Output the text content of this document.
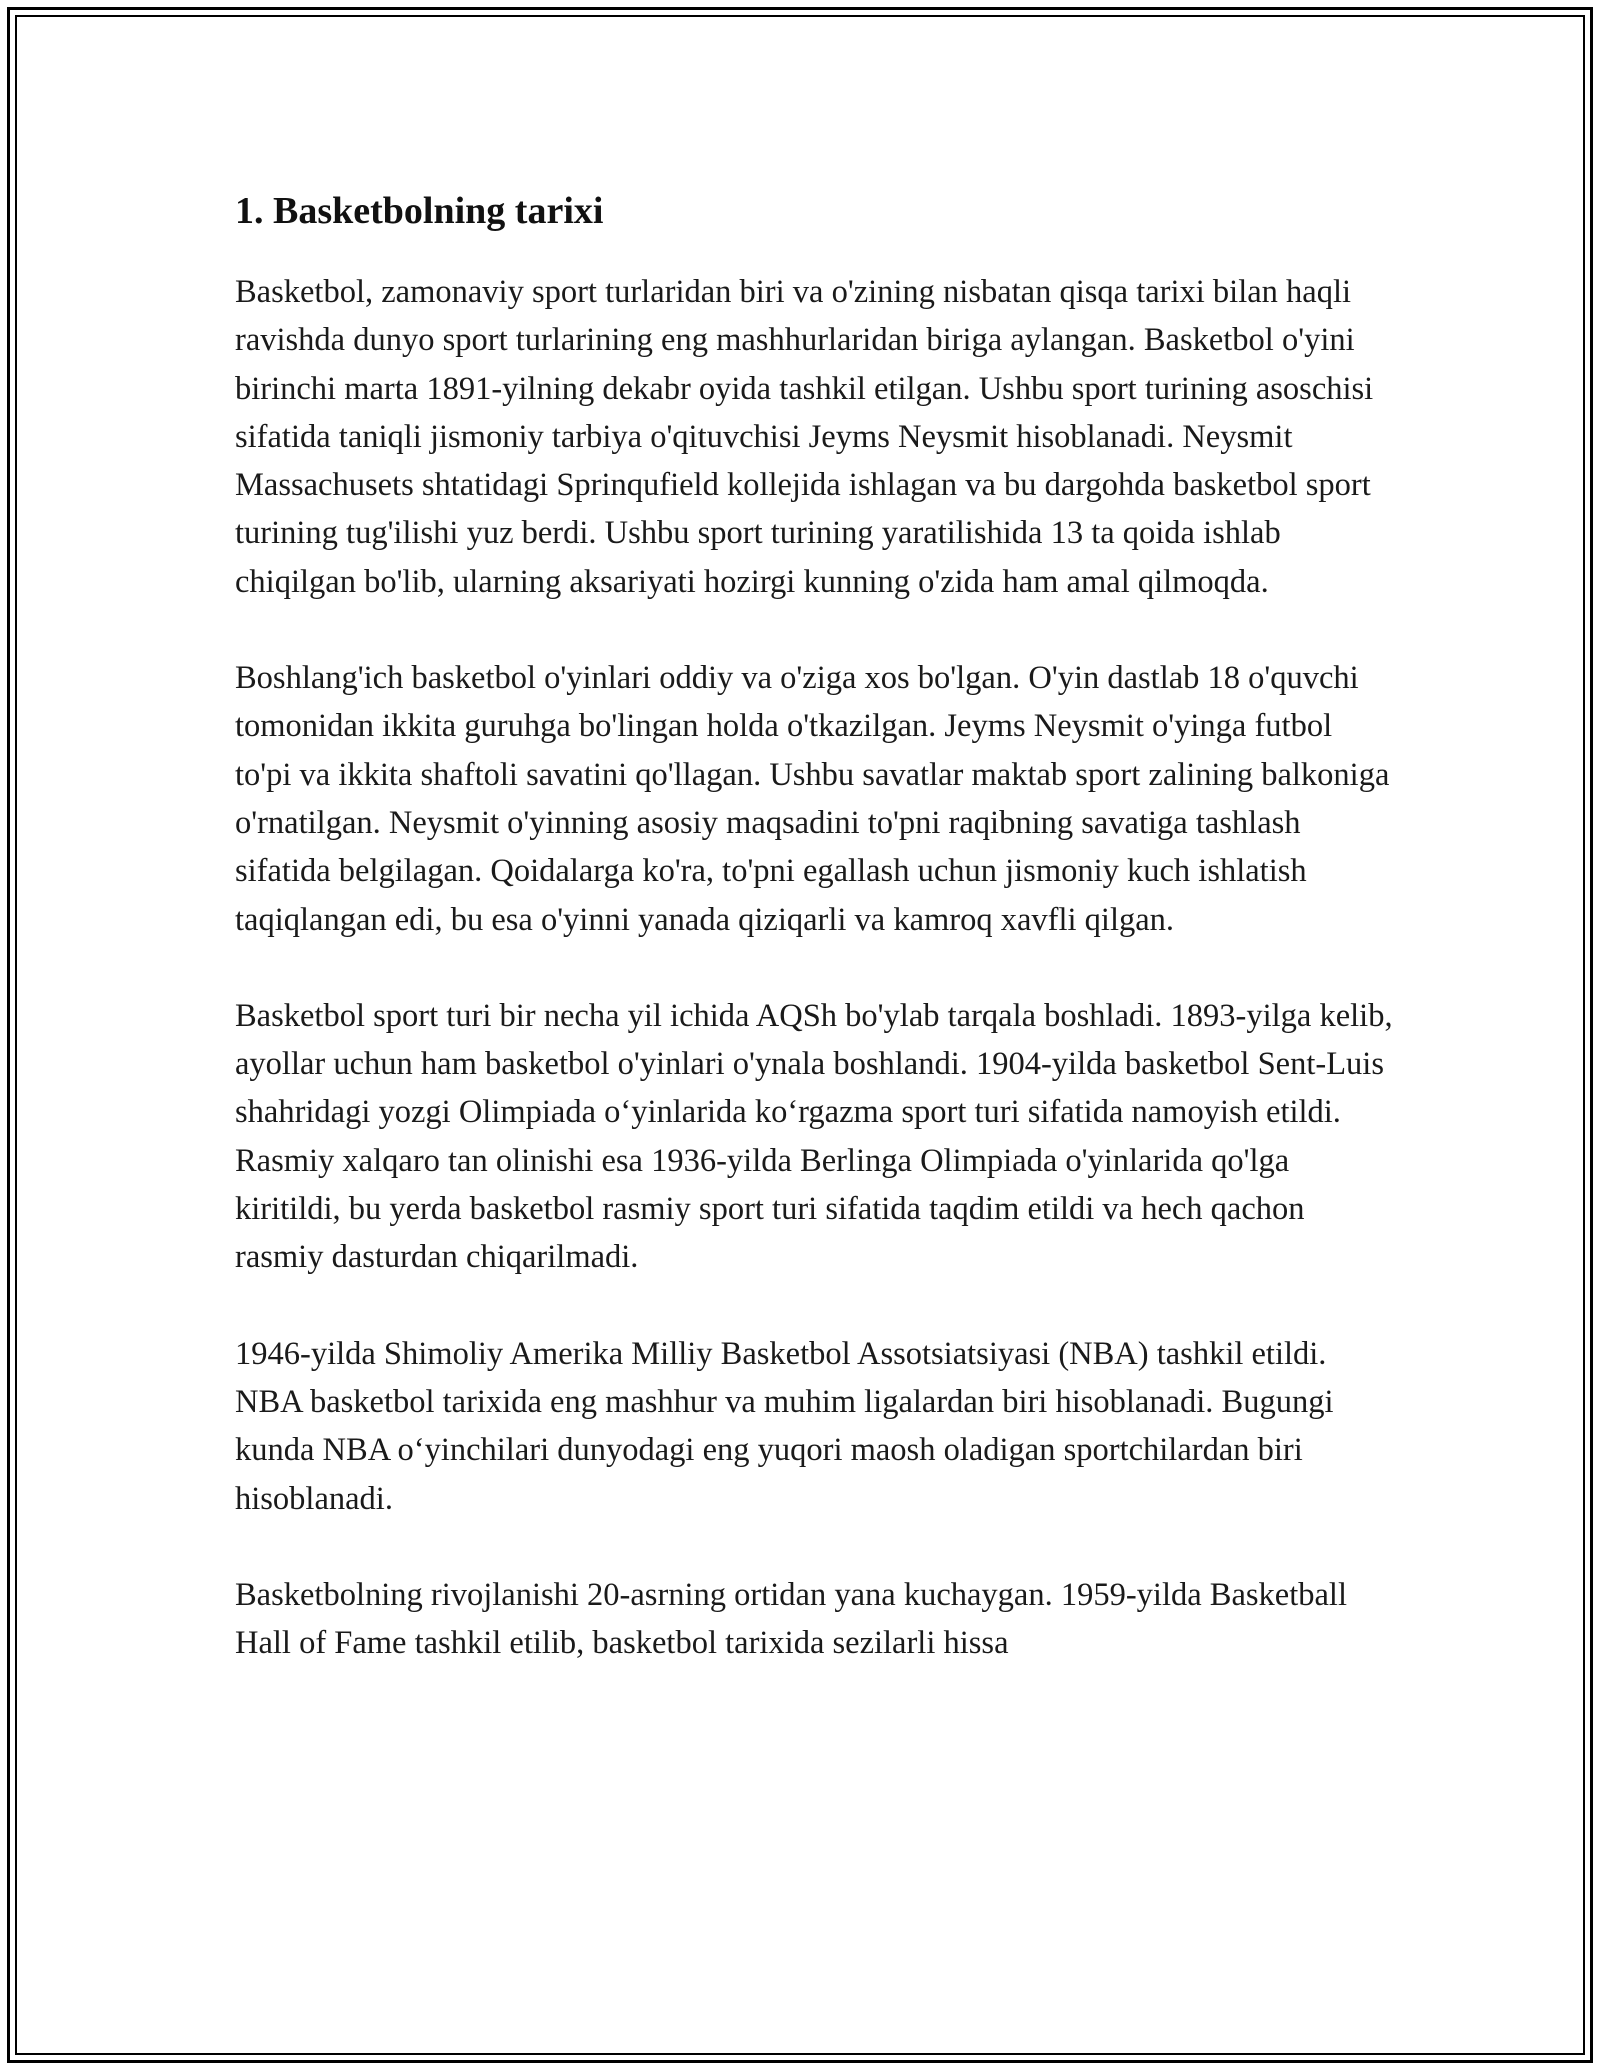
1. Basketbolning tarixi

Basketbol, zamonaviy sport turlaridan biri va o'zining nisbatan qisqa tarixi bilan haqli ravishda dunyo sport turlarining eng mashhurlaridan biriga aylangan. Basketbol o'yini birinchi marta 1891-yilning dekabr oyida tashkil etilgan. Ushbu sport turining asoschisi sifatida taniqli jismoniy tarbiya o'qituvchisi Jeyms Neysmit hisoblanadi. Neysmit Massachusets shtatidagi Sprinqufield kollejida ishlagan va bu dargohda basketbol sport turining tug'ilishi yuz berdi. Ushbu sport turining yaratilishida 13 ta qoida ishlab chiqilgan bo'lib, ularning aksariyati hozirgi kunning o'zida ham amal qilmoqda.

Boshlang'ich basketbol o'yinlari oddiy va o'ziga xos bo'lgan. O'yin dastlab 18 o'quvchi tomonidan ikkita guruhga bo'lingan holda o'tkazilgan. Jeyms Neysmit o'yinga futbol to'pi va ikkita shaftoli savatini qo'llagan. Ushbu savatlar maktab sport zalining balkoniga o'rnatilgan. Neysmit o'yinning asosiy maqsadini to'pni raqibning savatiga tashlash sifatida belgilagan. Qoidalarga ko'ra, to'pni egallash uchun jismoniy kuch ishlatish taqiqlangan edi, bu esa o'yinni yanada qiziqarli va kamroq xavfli qilgan.

Basketbol sport turi bir necha yil ichida AQSh bo'ylab tarqala boshladi. 1893-yilga kelib, ayollar uchun ham basketbol o'yinlari o'ynala boshlandi. 1904-yilda basketbol Sent-Luis shahridagi yozgi Olimpiada o‘yinlarida ko‘rgazma sport turi sifatida namoyish etildi. Rasmiy xalqaro tan olinishi esa 1936-yilda Berlinga Olimpiada o'yinlarida qo'lga kiritildi, bu yerda basketbol rasmiy sport turi sifatida taqdim etildi va hech qachon rasmiy dasturdan chiqarilmadi.

1946-yilda Shimoliy Amerika Milliy Basketbol Assotsiatsiyasi (NBA) tashkil etildi. NBA basketbol tarixida eng mashhur va muhim ligalardan biri hisoblanadi. Bugungi kunda NBA o‘yinchilari dunyodagi eng yuqori maosh oladigan sportchilardan biri hisoblanadi.

Basketbolning rivojlanishi 20-asrning ortidan yana kuchaygan. 1959-yilda Basketball Hall of Fame tashkil etilib, basketbol tarixida sezilarli hissa
